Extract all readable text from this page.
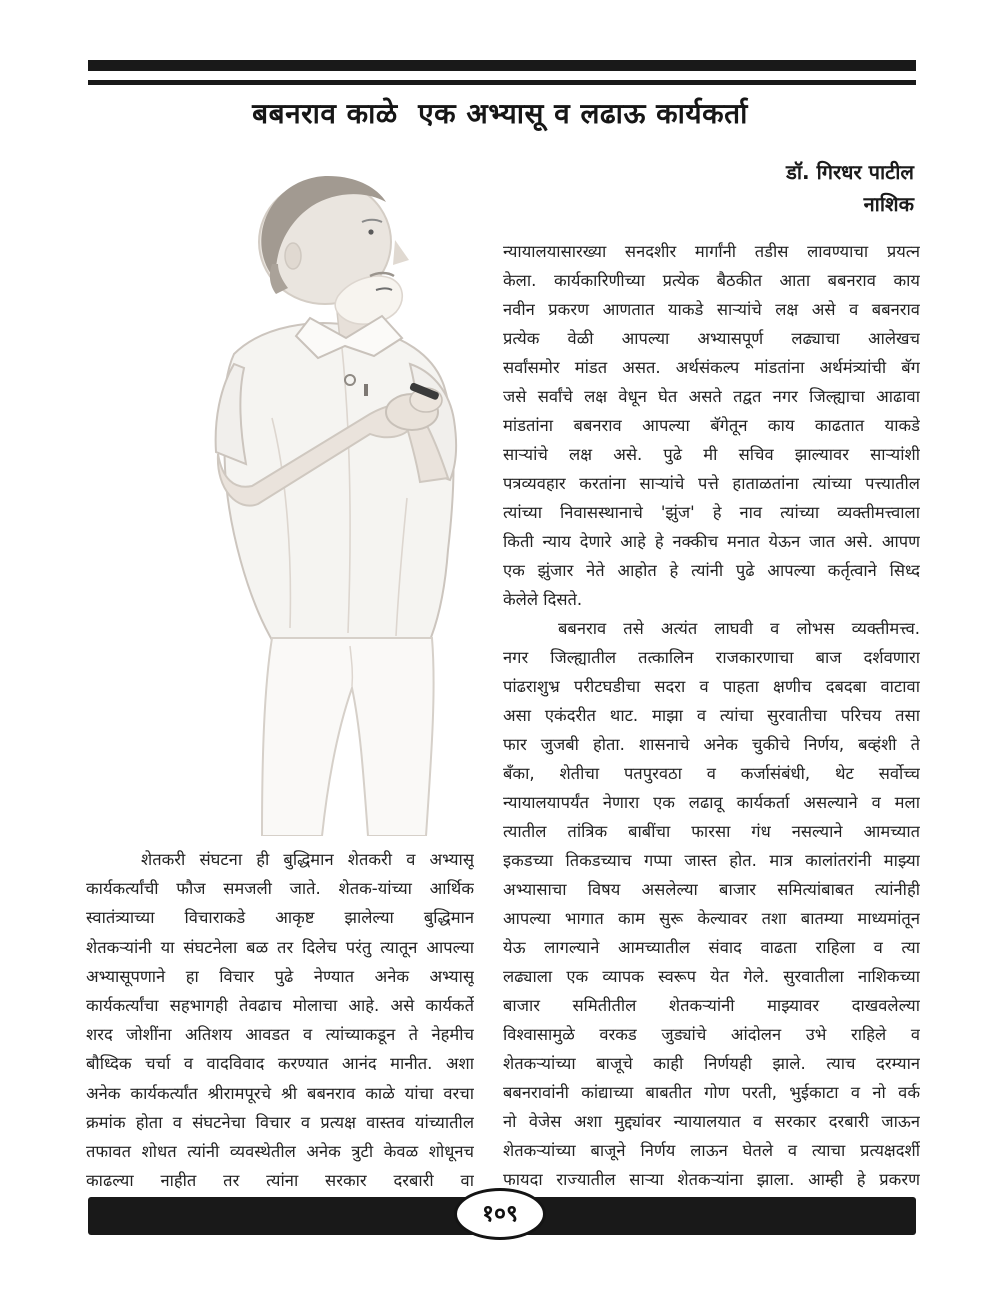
बबनराव काळे  एक अभ्यासू व लढाऊ कार्यकर्ता
डॉ. गिरधर पाटील
नाशिक
शेतकरी संघटना ही बुद्धिमान शेतकरी व अभ्यासू
कार्यकर्त्यांची फौज समजली जाते. शेतक-यांच्या आर्थिक
स्वातंत्र्याच्या विचाराकडे आकृष्ट झालेल्या बुद्धिमान
शेतकऱ्यांनी या संघटनेला बळ तर दिलेच परंतु त्यातून आपल्या
अभ्यासूपणाने हा विचार पुढे नेण्यात अनेक अभ्यासू
कार्यकर्त्यांचा सहभागही तेवढाच मोलाचा आहे. असे कार्यकर्ते
शरद जोशींना अतिशय आवडत व त्यांच्याकडून ते नेहमीच
बौध्दिक चर्चा व वादविवाद करण्यात आनंद मानीत. अशा
अनेक कार्यकर्त्यांत श्रीरामपूरचे श्री बबनराव काळे यांचा वरचा
क्रमांक होता व संघटनेचा विचार व प्रत्यक्ष वास्तव यांच्यातील
तफावत शोधत त्यांनी व्यवस्थेतील अनेक त्रुटी केवळ शोधूनच
काढल्या नाहीत तर त्यांना सरकार दरबारी वा
न्यायालयासारख्या सनदशीर मार्गांनी तडीस लावण्याचा प्रयत्न
केला. कार्यकारिणीच्या प्रत्येक बैठकीत आता बबनराव काय
नवीन प्रकरण आणतात याकडे साऱ्यांचे लक्ष असे व बबनराव
प्रत्येक वेळी आपल्या अभ्यासपूर्ण लढ्याचा आलेखच
सर्वांसमोर मांडत असत. अर्थसंकल्प मांडतांना अर्थमंत्र्यांची बॅग
जसे सर्वांचे लक्ष वेधून घेत असते तद्वत नगर जिल्ह्याचा आढावा
मांडतांना बबनराव आपल्या बॅगेतून काय काढतात याकडे
साऱ्यांचे लक्ष असे. पुढे मी सचिव झाल्यावर साऱ्यांशी
पत्रव्यवहार करतांना साऱ्यांचे पत्ते हाताळतांना त्यांच्या पत्त्यातील
त्यांच्या निवासस्थानाचे 'झुंज' हे नाव त्यांच्या व्यक्तीमत्त्वाला
किती न्याय देणारे आहे हे नक्कीच मनात येऊन जात असे. आपण
एक झुंजार नेते आहोत हे त्यांनी पुढे आपल्या कर्तृत्वाने सिध्द
केलेले दिसते.
बबनराव तसे अत्यंत लाघवी व लोभस व्यक्तीमत्त्व.
नगर जिल्ह्यातील तत्कालिन राजकारणाचा बाज दर्शवणारा
पांढराशुभ्र परीटघडीचा सदरा व पाहता क्षणीच दबदबा वाटावा
असा एकंदरीत थाट. माझा व त्यांचा सुरवातीचा परिचय तसा
फार जुजबी होता. शासनाचे अनेक चुकीचे निर्णय, बव्हंशी ते
बँका, शेतीचा पतपुरवठा व कर्जासंबंधी, थेट सर्वोच्च
न्यायालयापर्यंत नेणारा एक लढावू कार्यकर्ता असल्याने व मला
त्यातील तांत्रिक बाबींचा फारसा गंध नसल्याने आमच्यात
इकडच्या तिकडच्याच गप्पा जास्त होत. मात्र कालांतरांनी माझ्या
अभ्यासाचा विषय असलेल्या बाजार समित्यांबाबत त्यांनीही
आपल्या भागात काम सुरू केल्यावर तशा बातम्या माध्यमांतून
येऊ लागल्याने आमच्यातील संवाद वाढता राहिला व त्या
लढ्याला एक व्यापक स्वरूप येत गेले. सुरवातीला नाशिकच्या
बाजार समितीतील शेतकऱ्यांनी माझ्यावर दाखवलेल्या
विश्वासामुळे वरकड जुड्यांचे आंदोलन उभे राहिले व
शेतकऱ्यांच्या बाजूचे काही निर्णयही झाले. त्याच दरम्यान
बबनरावांनी कांद्याच्या बाबतीत गोण परती, भुईकाटा व नो वर्क
नो वेजेस अशा मुद्द्यांवर न्यायालयात व सरकार दरबारी जाऊन
शेतकऱ्यांच्या बाजूने निर्णय लाऊन घेतले व त्याचा प्रत्यक्षदर्शी
फायदा राज्यातील साऱ्या शेतकऱ्यांना झाला. आम्ही हे प्रकरण
१०९
